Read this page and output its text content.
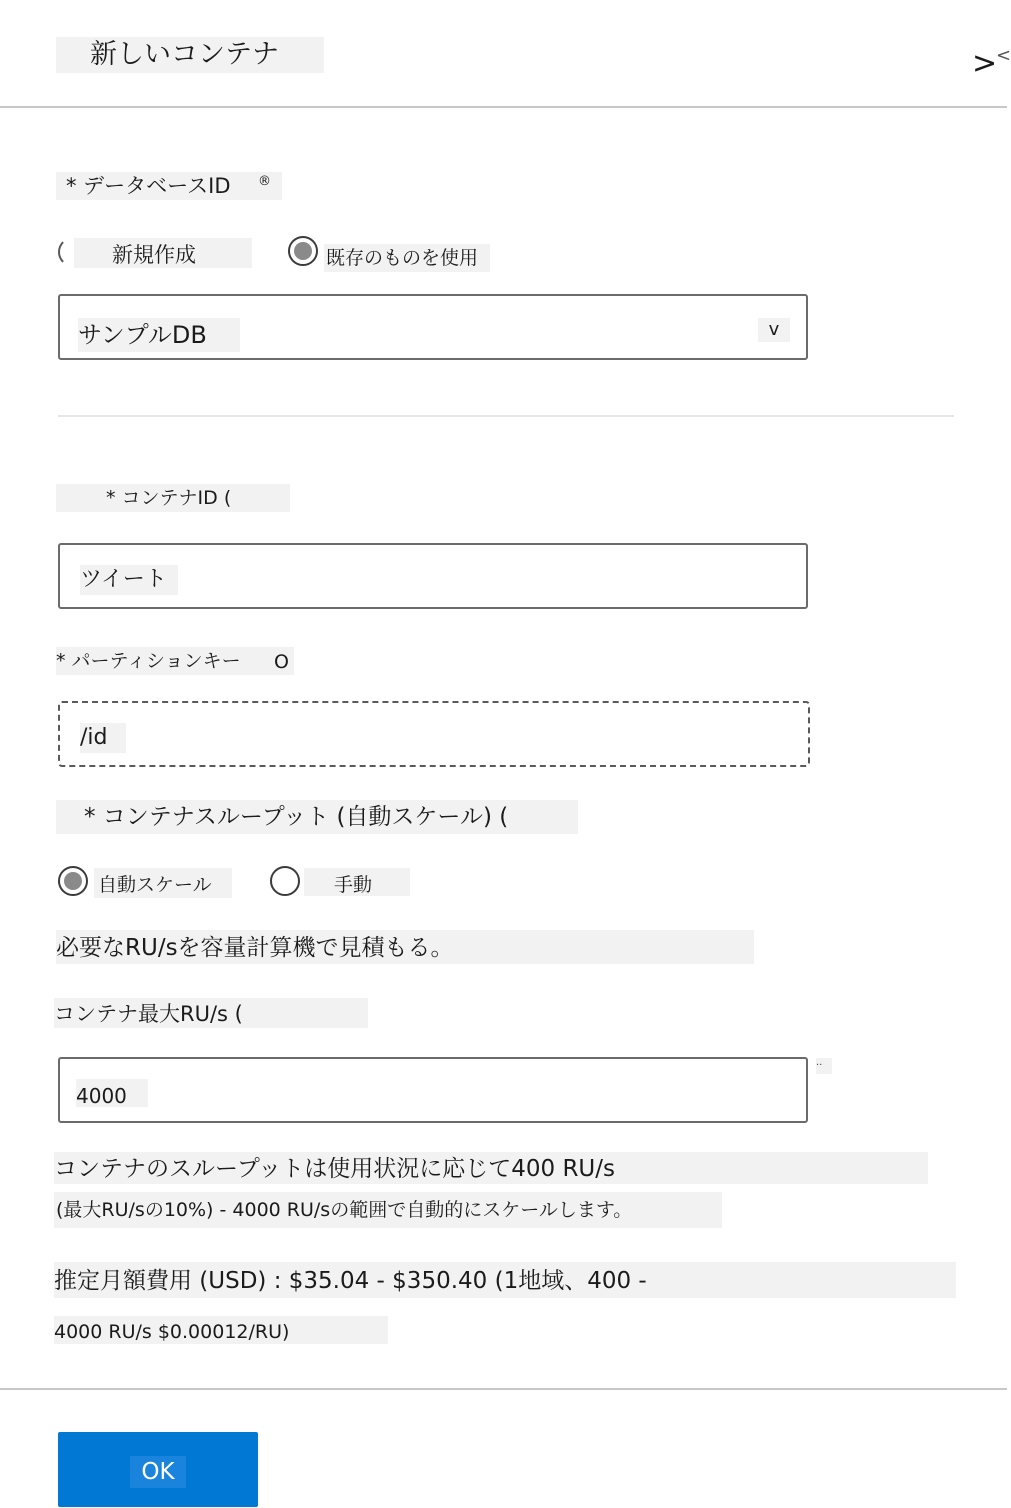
新しいコンテナ	>
<
* データベースID ®
新規作成	既存のものを使用
サンプルDB	v
* コンテナID (
ツイート
* パーティションキー O
/id
* コンテナスループット (自動スケール) (
自動スケール	手動
必要なRU/sを容量計算機で見積もる。
コンテナ最大RU/s (
4000
··
コンテナのスループットは使用状況に応じて400 RU/s
(最大RU/sの10%) - 4000 RU/sの範囲で自動的にスケールします。
推定月額費用 (USD) : $35.04 - $350.40 (1地域、400 -
4000 RU/s $0.00012/RU)
OK
